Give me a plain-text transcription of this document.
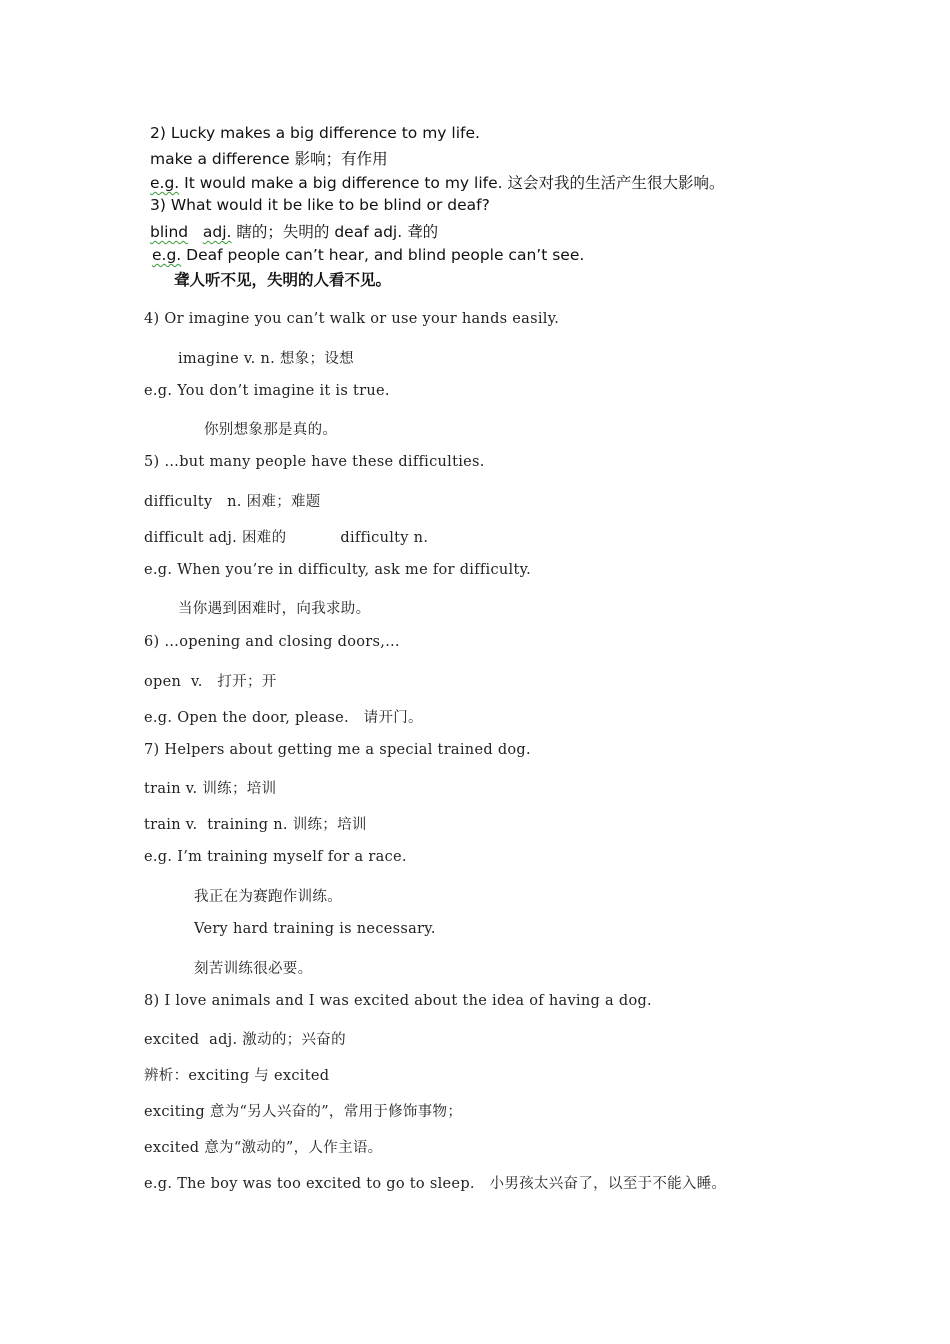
2) Lucky makes a big difference to my life.
make a difference 影响；有作用
e.g. It would make a big difference to my life. 这会对我的生活产生很大影响。
3) What would it be like to be blind or deaf?
blind adj. 瞎的；失明的 deaf adj. 聋的
e.g. Deaf people can’t hear, and blind people can’t see.
聋人听不见，失明的人看不见。
4) Or imagine you can’t walk or use your hands easily.
imagine v. n. 想象；设想
e.g. You don’t imagine it is true.
你别想象那是真的。
5) …but many people have these difficulties.
difficulty   n. 困难；难题
difficult adj. 困难的           difficulty n.
e.g. When you’re in difficulty, ask me for difficulty.
当你遇到困难时，向我求助。
6) …opening and closing doors,…
open  v.   打开；开
e.g. Open the door, please.   请开门。
7) Helpers about getting me a special trained dog.
train v. 训练；培训
train v.  training n. 训练；培训
e.g. I’m training myself for a race.
我正在为赛跑作训练。
Very hard training is necessary.
刻苦训练很必要。
8) I love animals and I was excited about the idea of having a dog.
excited  adj. 激动的；兴奋的
辨析：exciting 与 excited
exciting 意为“另人兴奋的”，常用于修饰事物；
excited 意为“激动的”，人作主语。
e.g. The boy was too excited to go to sleep.   小男孩太兴奋了，以至于不能入睡。
